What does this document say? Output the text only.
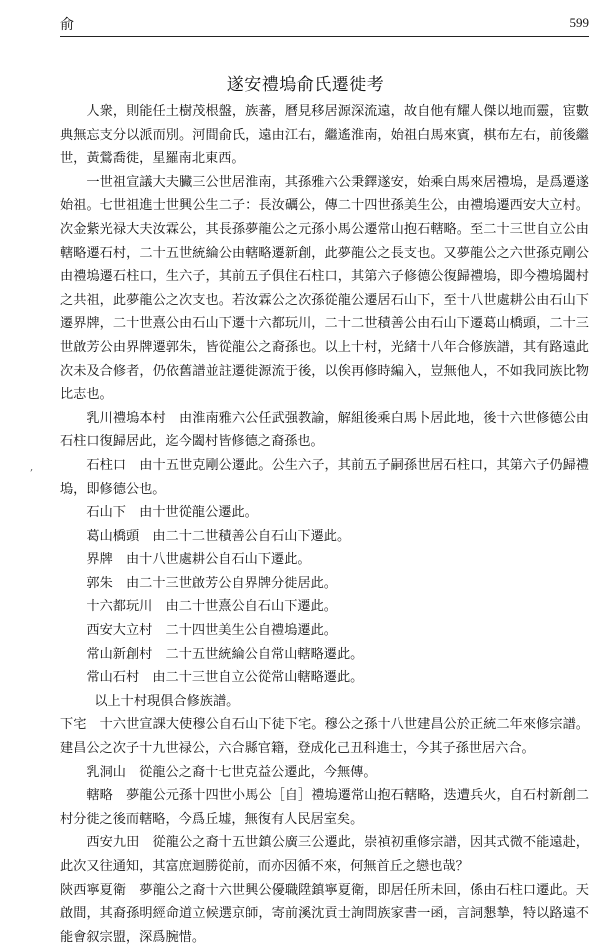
俞	599
遂安禮塢俞氏遷徙考
,

人衆，則能任土樹茂根盤，族蕃，曆見移居源深流遠，故自他有耀人傑以地而靈，宦數典無忘支分以派而別。河間俞氏，遠由江右，繼遙淮南，始祖白馬來賓，棋布左右，前後繼世，黃鶯喬徙，星羅南北東西。

一世祖宣議大夫臟三公世居淮南，其孫雅六公秉鐸遂安，始乘白馬來居禮塢，是爲遷遂始祖。七世祖進士世興公生二子：長汝礪公，傳二十四世孫美生公，由禮塢遷西安大立村。次金紫光禄大夫汝霖公，其長孫夢龍公之元孫小馬公遷常山抱石轄略。至二十三世自立公由轄略遷石村，二十五世統綸公由轄略遷新創，此夢龍公之長支也。又夢龍公之六世孫克剛公由禮塢遷石柱口，生六子，其前五子俱住石柱口，其第六子修德公復歸禮塢，即今禮塢闔村之共祖，此夢龍公之次支也。若汝霖公之次孫從龍公遷居石山下，至十八世處耕公由石山下遷界牌，二十世熹公由石山下遷十六都玩川，二十二世積善公由石山下遷葛山橋頭，二十三世啟芳公由界牌遷郭朱，皆從龍公之裔孫也。以上十村，光緒十八年合修族譜，其有路遠此次未及合修者，仍依舊譜並註遷徙源流于後，以俟再修時編入，豈無他人，不如我同族比物比志也。

乳川禮塢本村　由淮南雅六公任武强教諭，解組後乘白馬卜居此地，後十六世修德公由石柱口復歸居此，迄今闔村皆修德之裔孫也。

石柱口　由十五世克剛公遷此。公生六子，其前五子嗣孫世居石柱口，其第六子仍歸禮塢，即修德公也。

石山下　由十世從龍公遷此。

葛山橋頭　由二十二世積善公自石山下遷此。

界牌　由十八世處耕公自石山下遷此。

郭朱　由二十三世啟芳公自界牌分徙居此。

十六都玩川　由二十世熹公自石山下遷此。

西安大立村　二十四世美生公自禮塢遷此。

常山新創村　二十五世統綸公自常山轄略遷此。

常山石村　由二十三世自立公從常山轄略遷此。

以上十村現俱合修族譜。

下宅　十六世宣課大使穆公自石山下徒下宅。穆公之孫十八世建昌公於正統二年來修宗譜。建昌公之次子十九世禄公，六合縣官籍，登成化己丑科進士，今其子孫世居六合。

乳洞山　從龍公之裔十七世克益公遷此，今無傳。

轄略　夢龍公元孫十四世小馬公［自］禮塢遷常山抱石轄略，迭遭兵火，自石村新創二村分徙之後而轄略，今爲丘墟，無復有人民居室矣。

西安九田　從龍公之裔十五世鎮公廣三公遷此，崇禎初重修宗譜，因其式微不能遠赴，此次又往通知，其富庶迴勝從前，而亦因循不來，何無首丘之戀也哉？

陝西寧夏衛　夢龍公之裔十六世興公優職陞鎮寧夏衛，即居任所未回，係由石柱口遷此。天啟間，其裔孫明經命道立候選京師，寄前溪沈貢士詢問族家書一函，言詞懇摯，特以路遠不能會叙宗盟，深爲腕惜。
